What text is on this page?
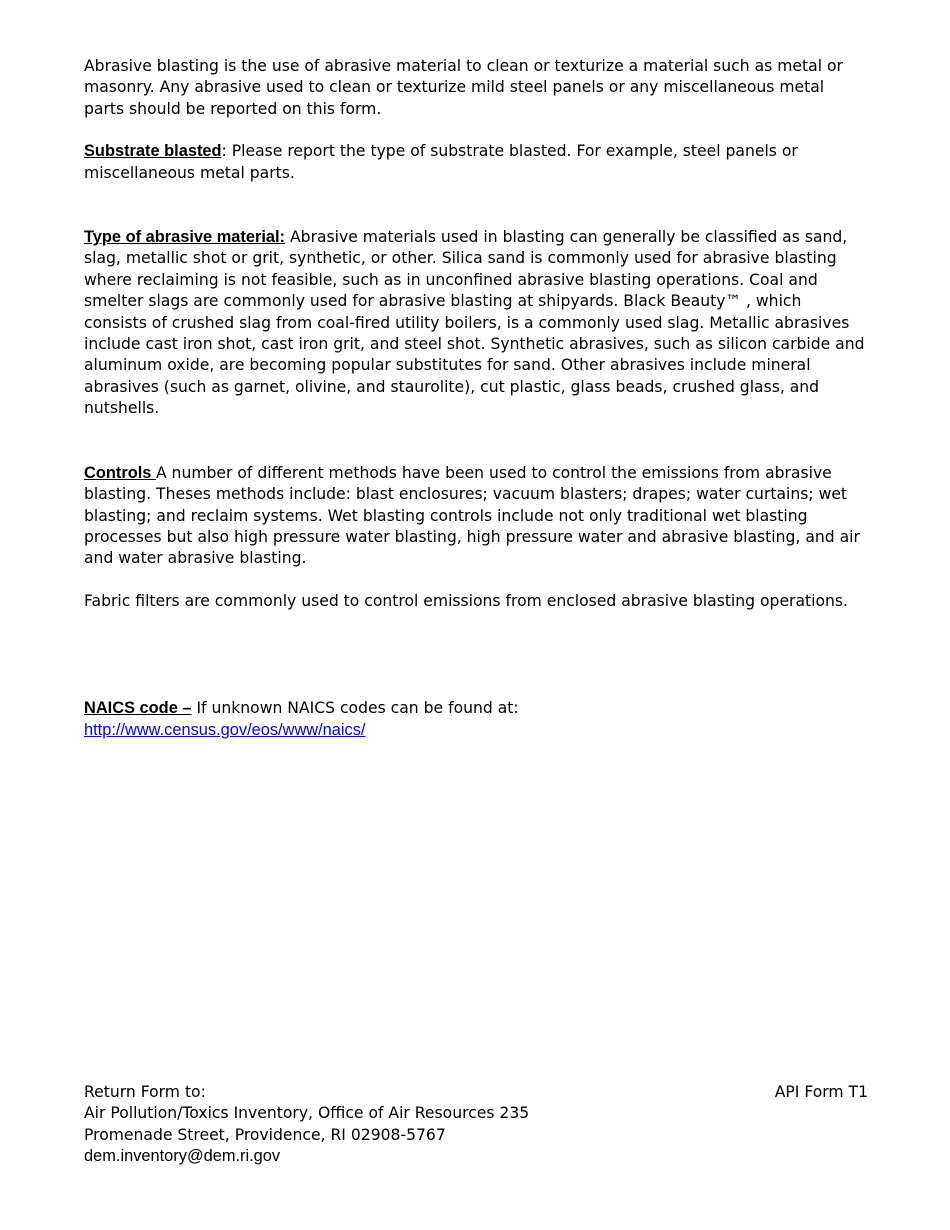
Abrasive blasting is the use of abrasive material to clean or texturize a material such as metal or masonry. Any abrasive used to clean or texturize mild steel panels or any miscellaneous metal parts should be reported on this form.

Substrate blasted: Please report the type of substrate blasted. For example, steel panels or miscellaneous metal parts.

Type of abrasive material: Abrasive materials used in blasting can generally be classified as sand, slag, metallic shot or grit, synthetic, or other. Silica sand is commonly used for abrasive blasting where reclaiming is not feasible, such as in unconfined abrasive blasting operations. Coal and smelter slags are commonly used for abrasive blasting at shipyards. Black Beauty™ , which consists of crushed slag from coal-fired utility boilers, is a commonly used slag. Metallic abrasives include cast iron shot, cast iron grit, and steel shot. Synthetic abrasives, such as silicon carbide and aluminum oxide, are becoming popular substitutes for sand. Other abrasives include mineral abrasives (such as garnet, olivine, and staurolite), cut plastic, glass beads, crushed glass, and nutshells.

Controls A number of different methods have been used to control the emissions from abrasive blasting. Theses methods include: blast enclosures; vacuum blasters; drapes; water curtains; wet blasting; and reclaim systems. Wet blasting controls include not only traditional wet blasting processes but also high pressure water blasting, high pressure water and abrasive blasting, and air and water abrasive blasting.

Fabric filters are commonly used to control emissions from enclosed abrasive blasting operations.

NAICS code – If unknown NAICS codes can be found at:

http://www.census.gov/eos/www/naics/

Return Form to:

Air Pollution/Toxics Inventory, Office of Air Resources 235

Promenade Street, Providence, RI 02908-5767

dem.inventory@dem.ri.gov

API Form T1
